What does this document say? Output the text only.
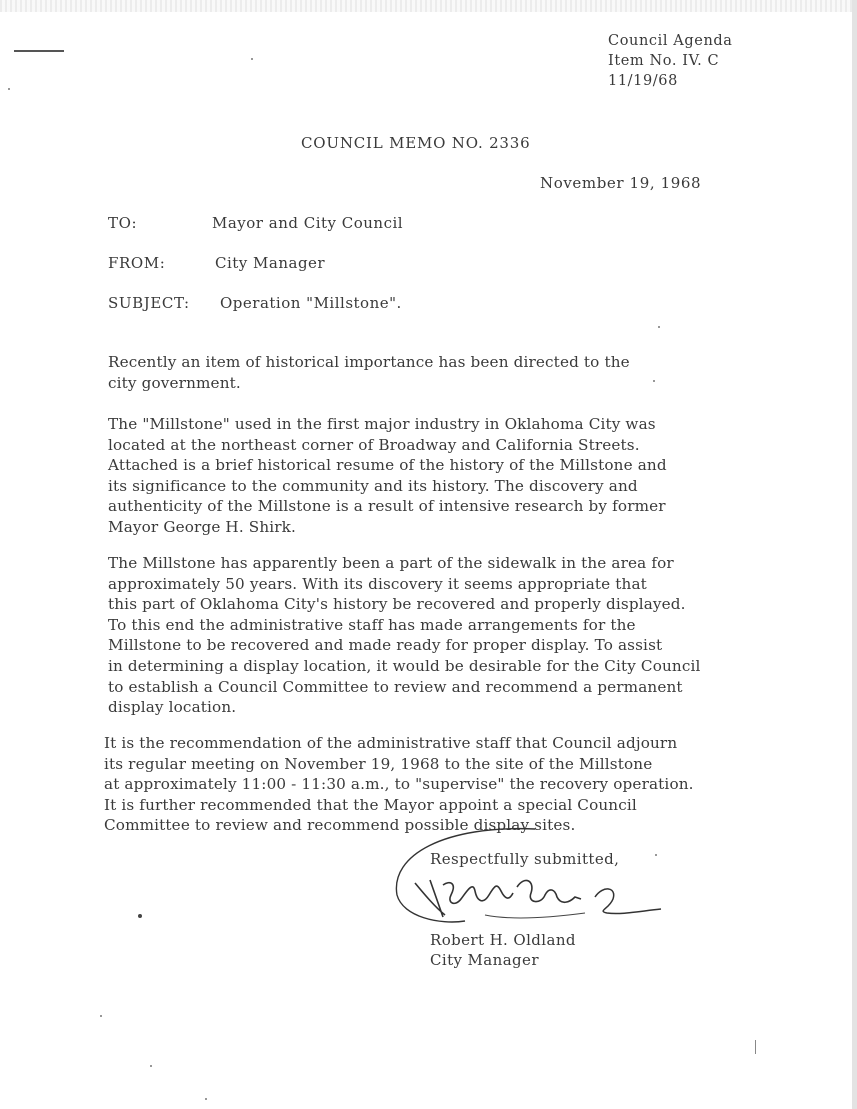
Council Agenda
Item No. IV. C
11/19/68
COUNCIL MEMO NO. 2336
November 19, 1968
TO:	Mayor and City Council
FROM:	City Manager
SUBJECT: Operation "Millstone".
Recently an item of historical importance has been directed to the
city government.
The "Millstone" used in the first major industry in Oklahoma City was
located at the northeast corner of Broadway and California Streets.
Attached is a brief historical resume of the history of the Millstone and
its significance to the community and its history. The discovery and
authenticity of the Millstone is a result of intensive research by former
Mayor George H. Shirk.
The Millstone has apparently been a part of the sidewalk in the area for
approximately 50 years. With its discovery it seems appropriate that
this part of Oklahoma City's history be recovered and properly displayed.
To this end the administrative staff has made arrangements for the
Millstone to be recovered and made ready for proper display. To assist
in determining a display location, it would be desirable for the City Council
to establish a Council Committee to review and recommend a permanent
display location.
It is the recommendation of the administrative staff that Council adjourn
its regular meeting on November 19, 1968 to the site of the Millstone
at approximately 11:00 - 11:30 a.m., to "supervise" the recovery operation.
It is further recommended that the Mayor appoint a special Council
Committee to review and recommend possible display sites.
Respectfully submitted,
Robert H. Oldland
City Manager
